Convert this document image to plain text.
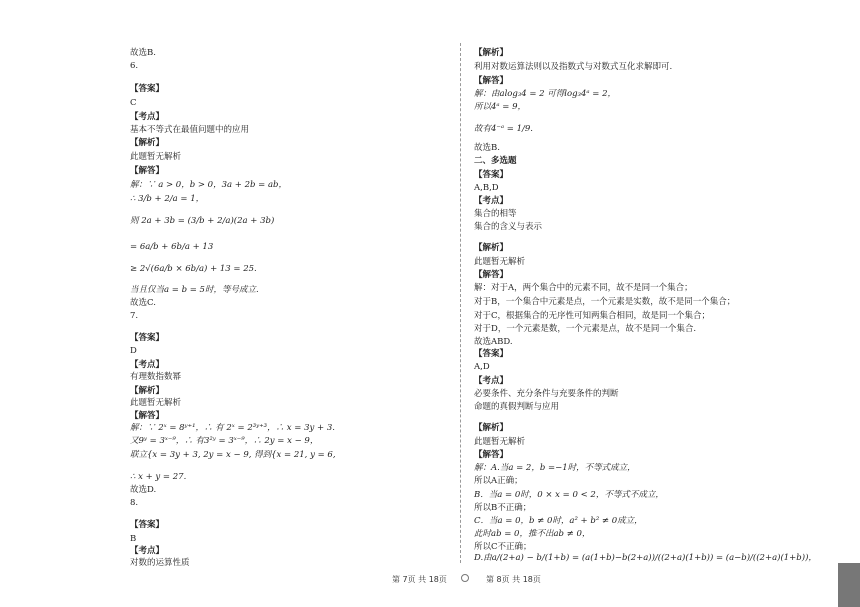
故选B.
6.
【答案】
C
【考点】
基本不等式在最值问题中的应用
【解析】
此题暂无解析
【解答】
解：∵ a > 0，b > 0，3a + 2b = ab，
∴ 3/b + 2/a = 1，
则 2a + 3b = (3/b + 2/a)(2a + 3b)
= 6a/b + 6b/a + 13
≥ 2√(6a/b × 6b/a) + 13 = 25.
当且仅当a = b = 5时，等号成立.
故选C.
7.
【答案】
D
【考点】
有理数指数幂
【解析】
此题暂无解析
【解答】
解：∵ 2ˣ = 8ʸ⁺¹，∴ 有 2ˣ = 2³ʸ⁺³，∴ x = 3y + 3.
又9ʸ = 3ˣ⁻⁹，∴ 有3²ʸ = 3ˣ⁻⁹，∴ 2y = x − 9，
联立{x = 3y + 3, 2y = x − 9, 得到{x = 21, y = 6,
∴ x + y = 27.
故选D.
8.
【答案】
B
【考点】
对数的运算性质
【解析】
利用对数运算法则以及指数式与对数式互化求解即可.
【解答】
解：由alog₃4 = 2 可得log₃4ᵃ = 2，
所以4ᵃ = 9，
故有4⁻ᵃ = 1/9.
故选B.
二、多选题
【答案】
A,B,D
【考点】
集合的相等
集合的含义与表示
【解析】
此题暂无解析
【解答】
解：对于A，两个集合中的元素不同，故不是同一个集合；
对于B，一个集合中元素是点，一个元素是实数，故不是同一个集合；
对于C，根据集合的无序性可知两集合相同，故是同一个集合；
对于D，一个元素是数，一个元素是点，故不是同一个集合.
故选ABD.
【答案】
A,D
【考点】
必要条件、充分条件与充要条件的判断
命题的真假判断与应用
【解析】
此题暂无解析
【解答】
解：A.当a = 2，b =−1时，不等式成立，
所以A正确；
B．当a = 0时，0 × x = 0 < 2，不等式不成立，
所以B不正确；
C．当a = 0，b ≠ 0时，a² + b² ≠ 0成立，
此时ab = 0，推不出ab ≠ 0，
所以C不正确；
D.由a/(2+a) − b/(1+b) = (a(1+b)−b(2+a))/((2+a)(1+b)) = (a−b)/((2+a)(1+b))，
第 7页 共 18页	第 8页 共 18页
